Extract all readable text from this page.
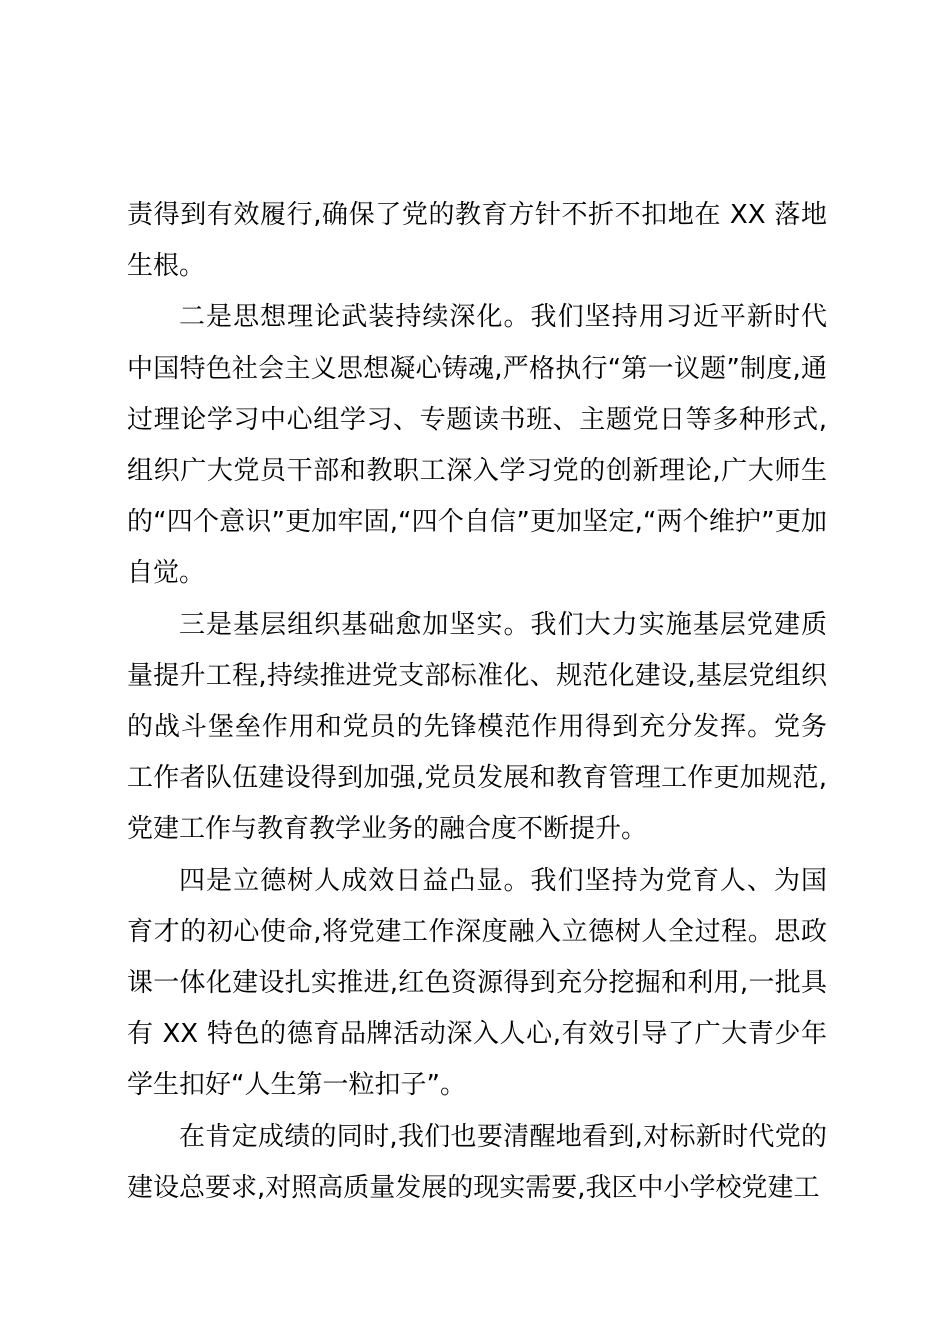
责得到有效履行,确保了党的教育方针不折不扣地在 XX 落地生根。

二是思想理论武装持续深化。我们坚持用习近平新时代中国特色社会主义思想凝心铸魂,严格执行“第一议题”制度,通过理论学习中心组学习、专题读书班、主题党日等多种形式,组织广大党员干部和教职工深入学习党的创新理论,广大师生的“四个意识”更加牢固,“四个自信”更加坚定,“两个维护”更加自觉。

三是基层组织基础愈加坚实。我们大力实施基层党建质量提升工程,持续推进党支部标准化、规范化建设,基层党组织的战斗堡垒作用和党员的先锋模范作用得到充分发挥。党务工作者队伍建设得到加强,党员发展和教育管理工作更加规范,党建工作与教育教学业务的融合度不断提升。

四是立德树人成效日益凸显。我们坚持为党育人、为国育才的初心使命,将党建工作深度融入立德树人全过程。思政课一体化建设扎实推进,红色资源得到充分挖掘和利用,一批具有 XX 特色的德育品牌活动深入人心,有效引导了广大青少年学生扣好“人生第一粒扣子”。

在肯定成绩的同时,我们也要清醒地看到,对标新时代党的建设总要求,对照高质量发展的现实需要,我区中小学校党建工
